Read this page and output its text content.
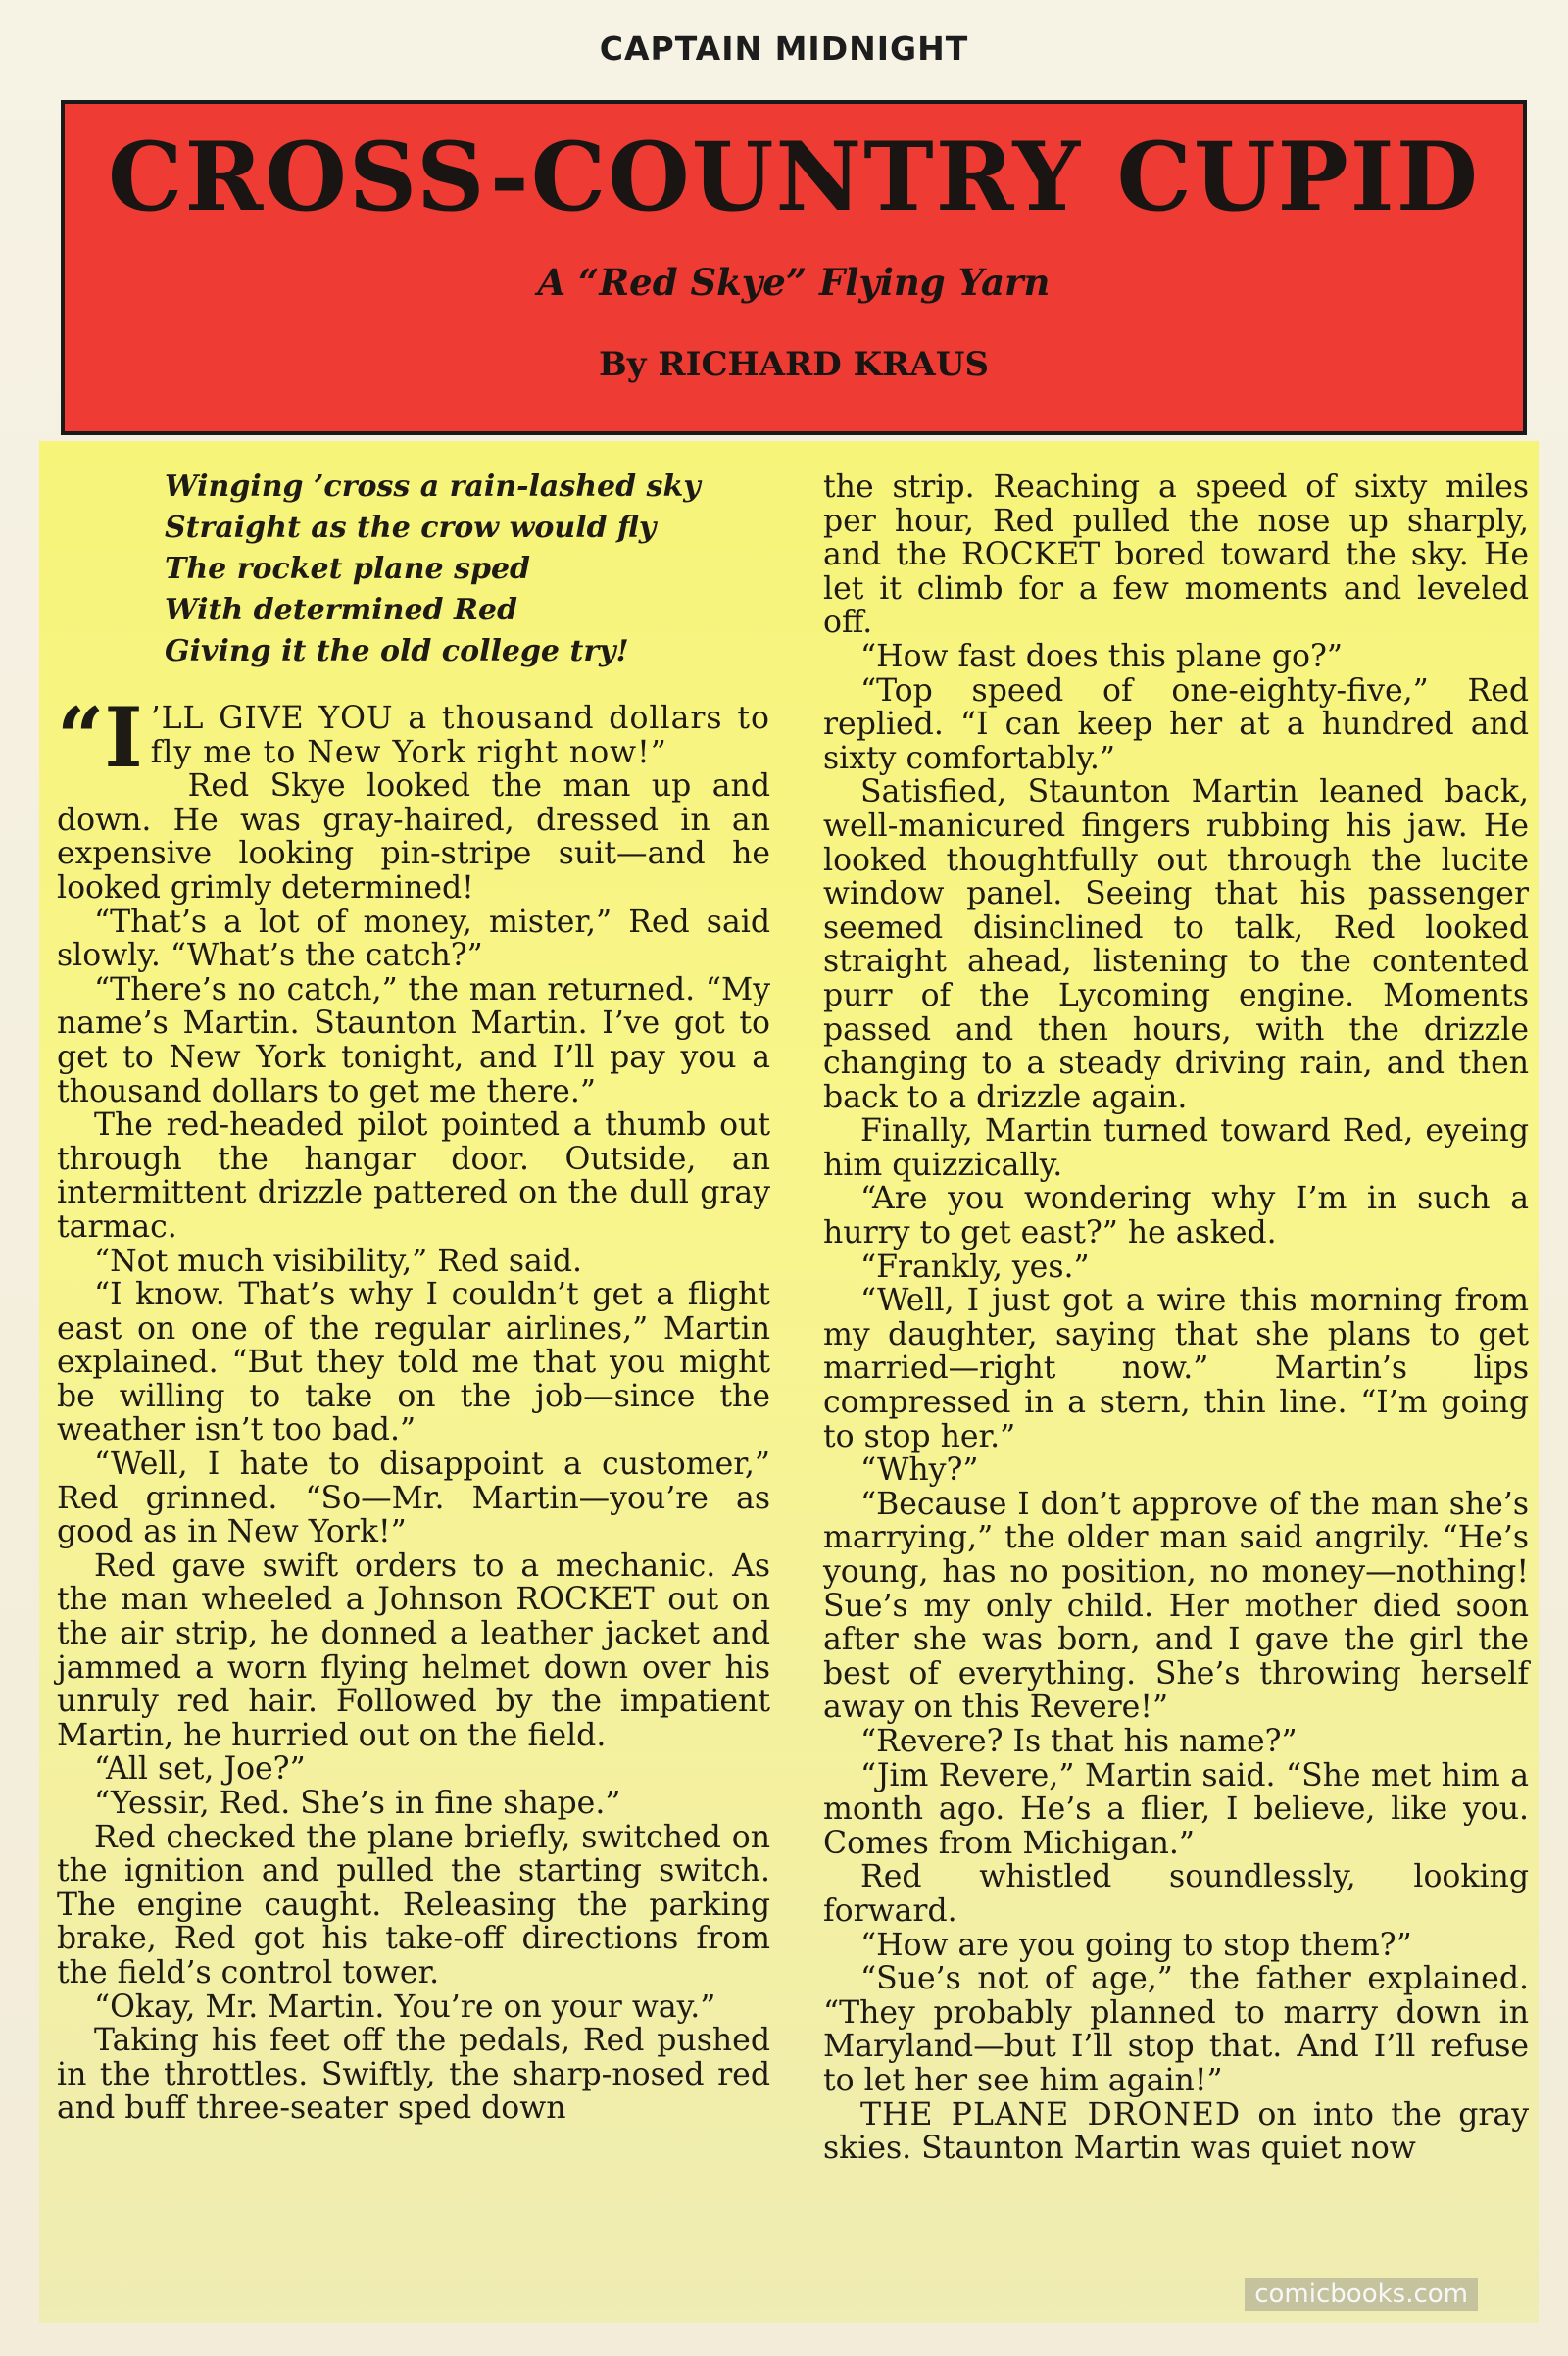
CAPTAIN MIDNIGHT
CROSS-COUNTRY CUPID
A “Red Skye” Flying Yarn
By RICHARD KRAUS
Winging ’cross a rain-lashed sky
Straight as the crow would fly
The rocket plane sped
With determined Red
Giving it the old college try!

“I ’LL GIVE YOU a thousand dollars to fly me to New York right now!”

Red Skye looked the man up and down. He was gray-haired, dressed in an expensive looking pin-stripe suit—and he looked grimly determined!

“That’s a lot of money, mister,” Red said slowly. “What’s the catch?”

“There’s no catch,” the man returned. “My name’s Martin. Staunton Martin. I’ve got to get to New York tonight, and I’ll pay you a thousand dollars to get me there.”

The red-headed pilot pointed a thumb out through the hangar door. Outside, an intermittent drizzle pattered on the dull gray tarmac.

“Not much visibility,” Red said.

“I know. That’s why I couldn’t get a flight east on one of the regular airlines,” Martin explained. “But they told me that you might be willing to take on the job—since the weather isn’t too bad.”

“Well, I hate to disappoint a customer,” Red grinned. “So—Mr. Martin—you’re as good as in New York!”

Red gave swift orders to a mechanic. As the man wheeled a Johnson ROCKET out on the air strip, he donned a leather jacket and jammed a worn flying helmet down over his unruly red hair. Followed by the impatient Martin, he hurried out on the field.

“All set, Joe?”

“Yessir, Red. She’s in fine shape.”

Red checked the plane briefly, switched on the ignition and pulled the starting switch. The engine caught. Releasing the parking brake, Red got his take-off directions from the field’s control tower.

“Okay, Mr. Martin. You’re on your way.”

Taking his feet off the pedals, Red pushed in the throttles. Swiftly, the sharp-nosed red and buff three-seater sped down

the strip. Reaching a speed of sixty miles per hour, Red pulled the nose up sharply, and the ROCKET bored toward the sky. He let it climb for a few moments and leveled off.

“How fast does this plane go?”

“Top speed of one-eighty-five,” Red replied. “I can keep her at a hundred and sixty comfortably.”

Satisfied, Staunton Martin leaned back, well-manicured fingers rubbing his jaw. He looked thoughtfully out through the lucite window panel. Seeing that his passenger seemed disinclined to talk, Red looked straight ahead, listening to the contented purr of the Lycoming engine. Moments passed and then hours, with the drizzle changing to a steady driving rain, and then back to a drizzle again.

Finally, Martin turned toward Red, eyeing him quizzically.

“Are you wondering why I’m in such a hurry to get east?” he asked.

“Frankly, yes.”

“Well, I just got a wire this morning from my daughter, saying that she plans to get married—right now.” Martin’s lips compressed in a stern, thin line. “I’m going to stop her.”

“Why?”

“Because I don’t approve of the man she’s marrying,” the older man said angrily. “He’s young, has no position, no money—nothing! Sue’s my only child. Her mother died soon after she was born, and I gave the girl the best of everything. She’s throwing herself away on this Revere!”

“Revere? Is that his name?”

“Jim Revere,” Martin said. “She met him a month ago. He’s a flier, I believe, like you. Comes from Michigan.”

Red whistled soundlessly, looking forward.

“How are you going to stop them?”

“Sue’s not of age,” the father explained. “They probably planned to marry down in Maryland—but I’ll stop that. And I’ll refuse to let her see him again!”

THE PLANE DRONED on into the gray skies. Staunton Martin was quiet now

comicbooks.com
